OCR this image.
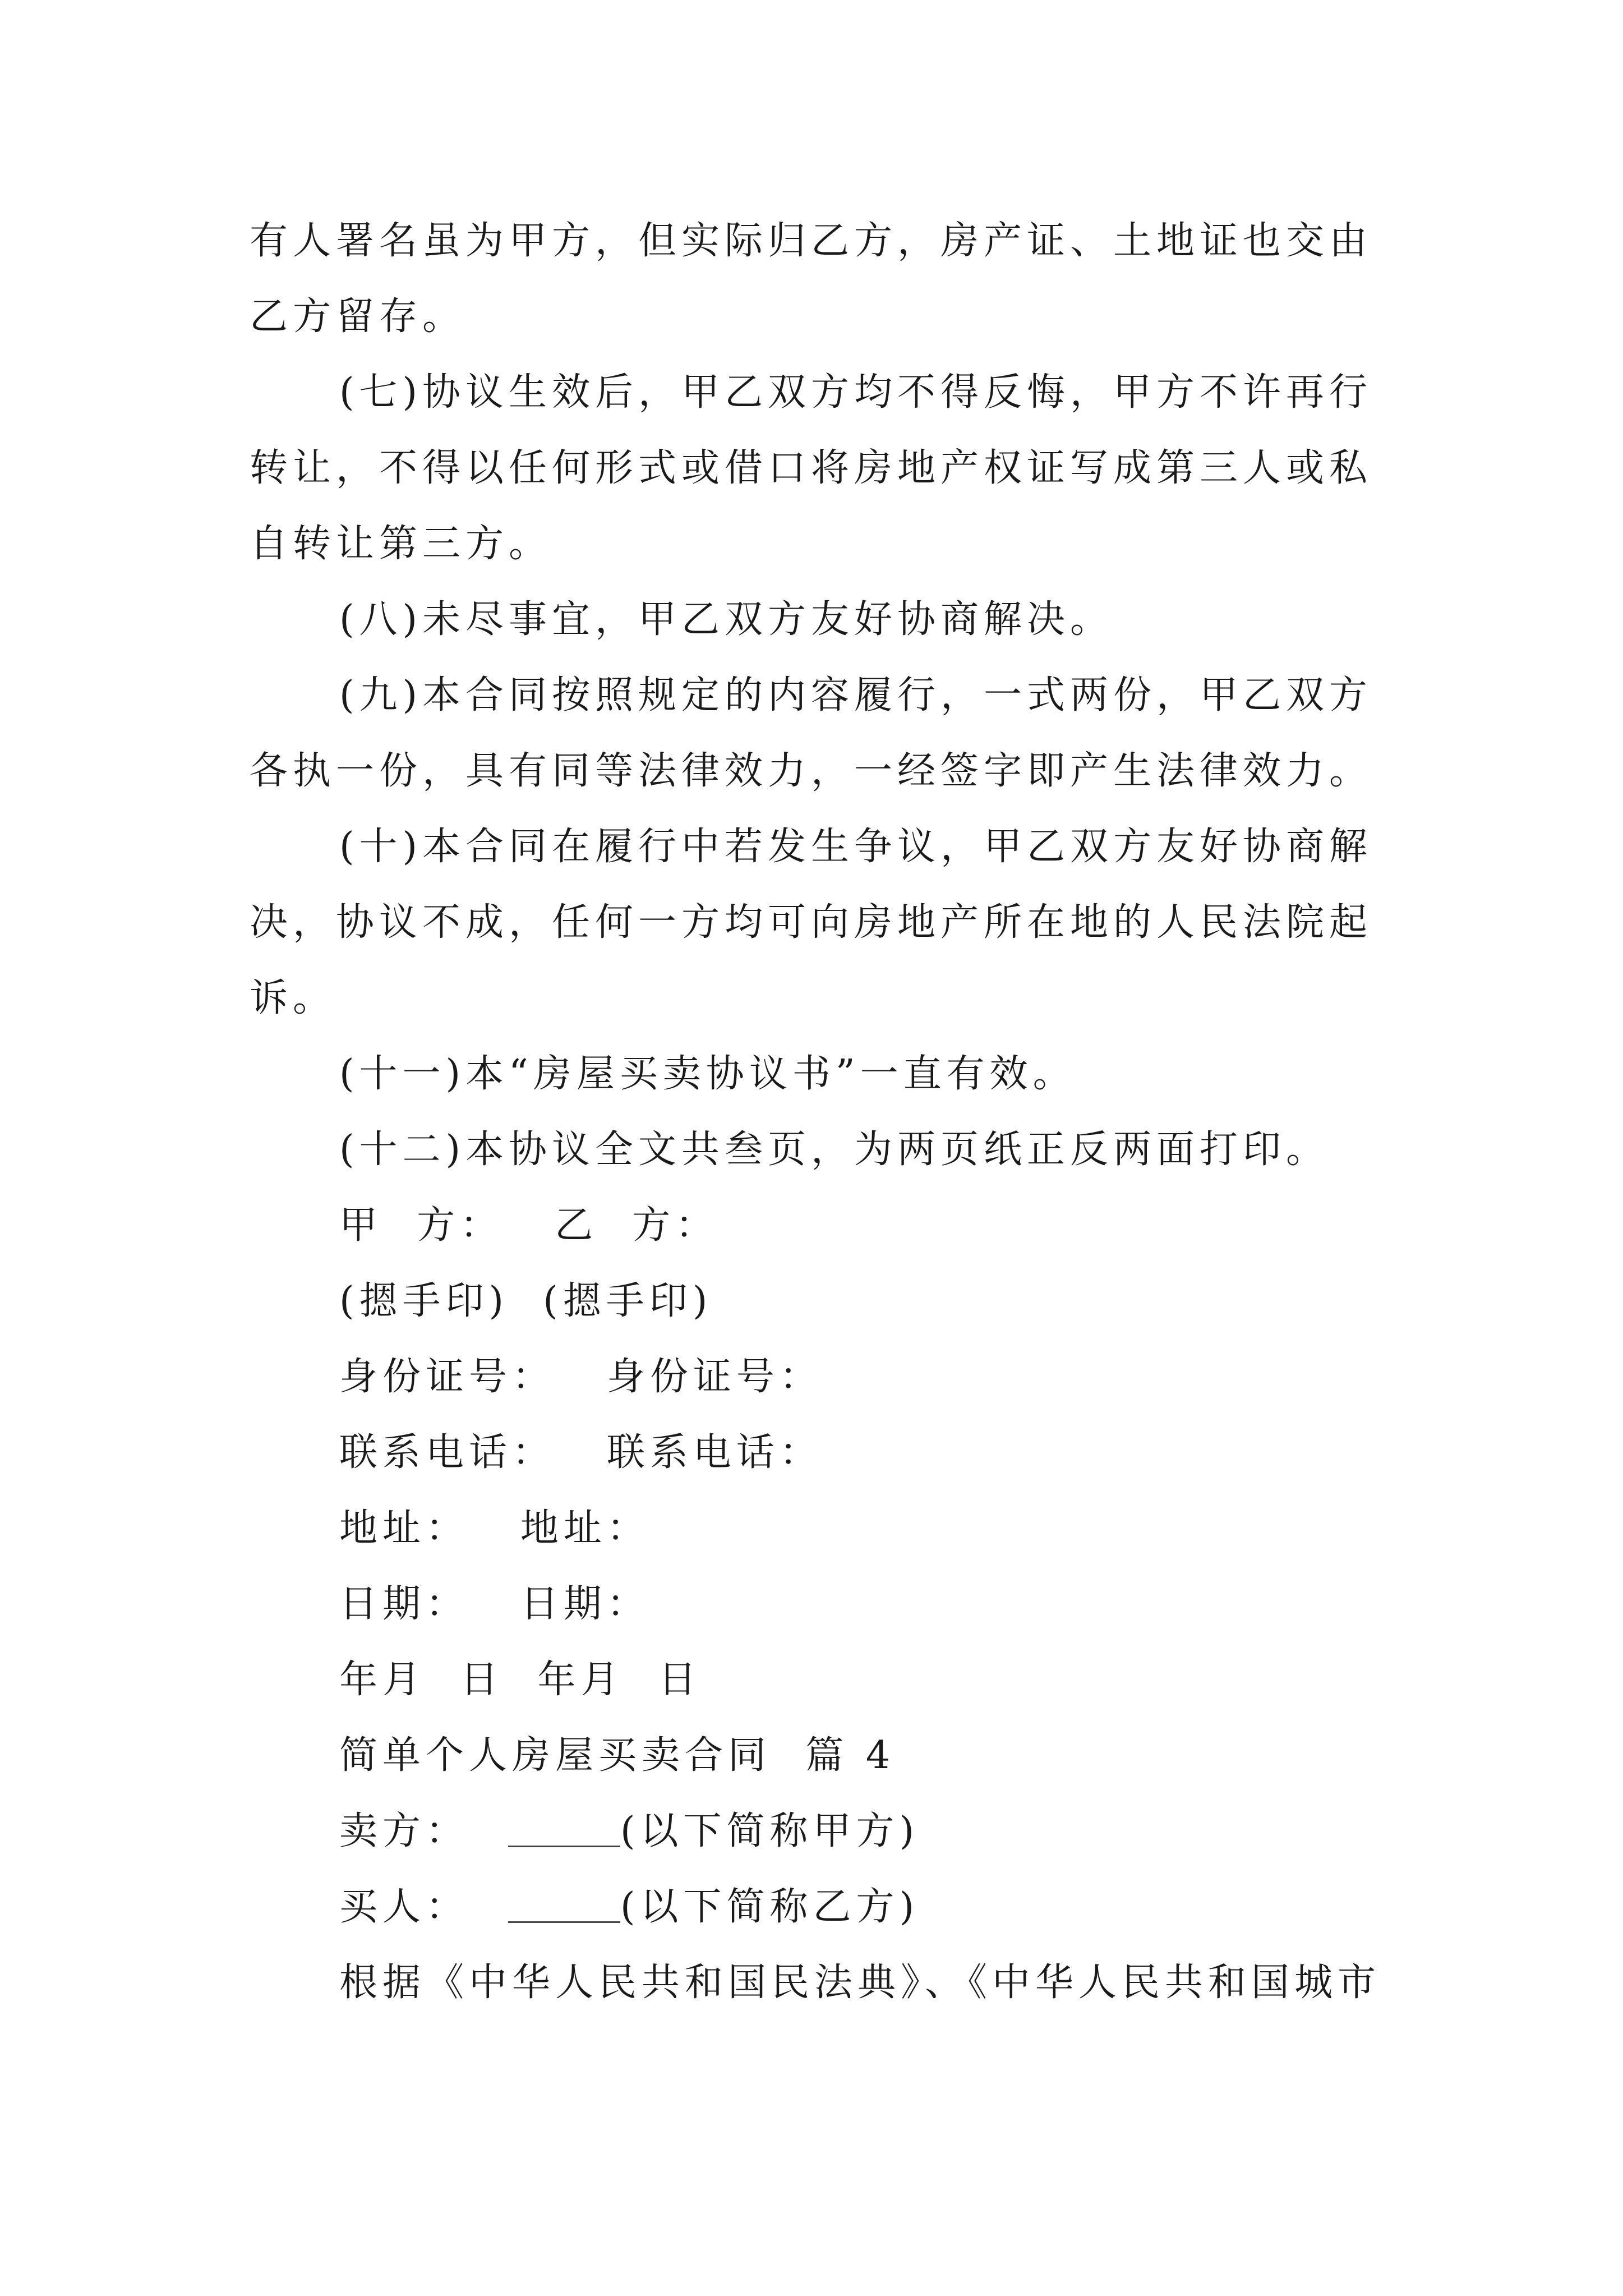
有人署名虽为甲方，但实际归乙方，房产证、土地证也交由
乙方留存。
(七)协议生效后，甲乙双方均不得反悔，甲方不许再行
转让，不得以任何形式或借口将房地产权证写成第三人或私
自转让第三方。
(八)未尽事宜，甲乙双方友好协商解决。
(九)本合同按照规定的内容履行，一式两份，甲乙双方
各执一份，具有同等法律效力，一经签字即产生法律效力。
(十)本合同在履行中若发生争议，甲乙双方友好协商解
决，协议不成，任何一方均可向房地产所在地的人民法院起
诉。
(十一)本“房屋买卖协议书”一直有效。
(十二)本协议全文共叁页，为两页纸正反两面打印。
甲  方：   乙  方：
(摁手印)  (摁手印)
身份证号：   身份证号：
联系电话：   联系电话：
地址：   地址：
日期：   日期：
年月  日  年月  日
简单个人房屋买卖合同  篇 4
卖方：	(以下简称甲方)
买人：	(以下简称乙方)
根据《中华人民共和国民法典》、《中华人民共和国城市
